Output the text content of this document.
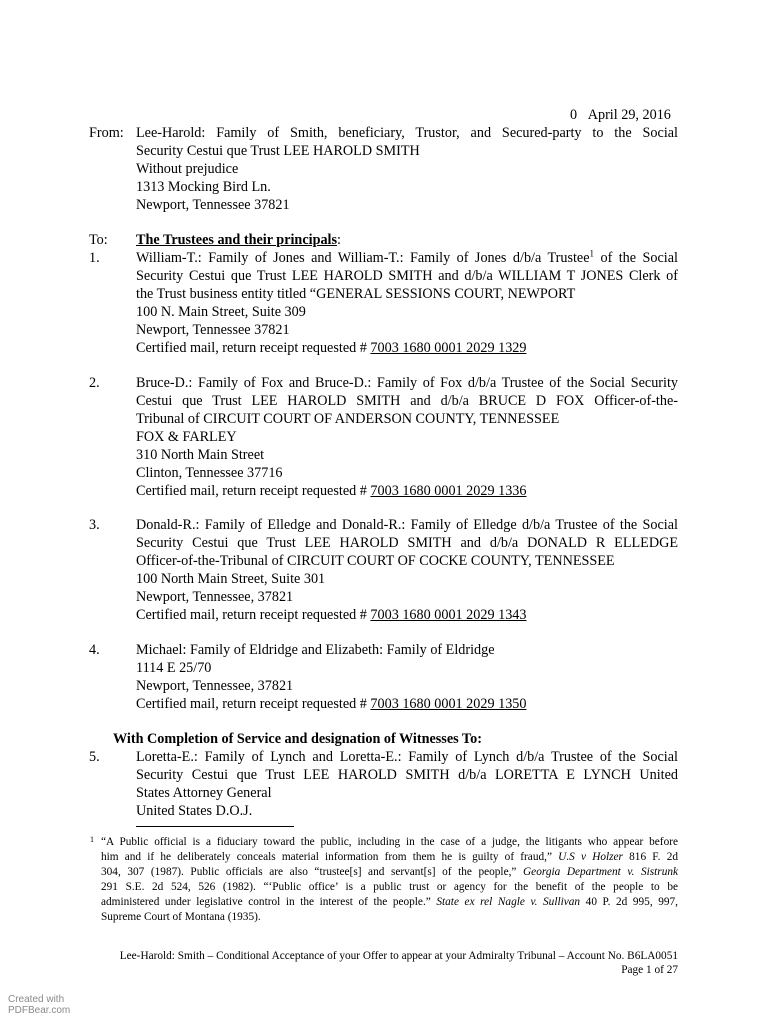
0 April 29, 2016
From: Lee-Harold: Family of Smith, beneficiary, Trustor, and Secured-party to the Social
Security Cestui que Trust LEE HAROLD SMITH
Without prejudice
1313 Mocking Bird Ln.
Newport, Tennessee 37821
To: The Trustees and their principals:
1.	William-T.: Family of Jones and William-T.: Family of Jones d/b/a Trustee$^1$ of the Social
Security Cestui que Trust LEE HAROLD SMITH and d/b/a WILLIAM T JONES Clerk of
the Trust business entity titled “GENERAL SESSIONS COURT, NEWPORT
100 N. Main Street, Suite 309
Newport, Tennessee 37821
Certified mail, return receipt requested # 7003 1680 0001 2029 1329
2.	Bruce-D.: Family of Fox and Bruce-D.: Family of Fox d/b/a Trustee of the Social Security
Cestui que Trust LEE HAROLD SMITH and d/b/a BRUCE D FOX Officer-of-the-
Tribunal of CIRCUIT COURT OF ANDERSON COUNTY, TENNESSEE
FOX & FARLEY
310 North Main Street
Clinton, Tennessee 37716
Certified mail, return receipt requested # 7003 1680 0001 2029 1336
3.	Donald-R.: Family of Elledge and Donald-R.: Family of Elledge d/b/a Trustee of the Social
Security Cestui que Trust LEE HAROLD SMITH and d/b/a DONALD R ELLEDGE
Officer-of-the-Tribunal of CIRCUIT COURT OF COCKE COUNTY, TENNESSEE
100 North Main Street, Suite 301
Newport, Tennessee, 37821
Certified mail, return receipt requested # 7003 1680 0001 2029 1343
4.	Michael: Family of Eldridge and Elizabeth: Family of Eldridge
1114 E 25/70
Newport, Tennessee, 37821
Certified mail, return receipt requested # 7003 1680 0001 2029 1350
With Completion of Service and designation of Witnesses To:
5.	Loretta-E.: Family of Lynch and Loretta-E.: Family of Lynch d/b/a Trustee of the Social
Security Cestui que Trust LEE HAROLD SMITH d/b/a LORETTA E LYNCH United
States Attorney General
United States D.O.J.
1 “A Public official is a fiduciary toward the public, including in the case of a judge, the litigants who appear before
him and if he deliberately conceals material information from them he is guilty of fraud,” U.S v Holzer 816 F. 2d
304, 307 (1987). Public officials are also “trustee[s] and servant[s] of the people,” Georgia Department v. Sistrunk
291 S.E. 2d 524, 526 (1982). “‘Public office’ is a public trust or agency for the benefit of the people to be
administered under legislative control in the interest of the people.” State ex rel Nagle v. Sullivan 40 P. 2d 995, 997,
Supreme Court of Montana (1935).
Lee-Harold: Smith – Conditional Acceptance of your Offer to appear at your Admiralty Tribunal – Account No. B6LA0051
Page 1 of 27
Created with
PDFBear.com
